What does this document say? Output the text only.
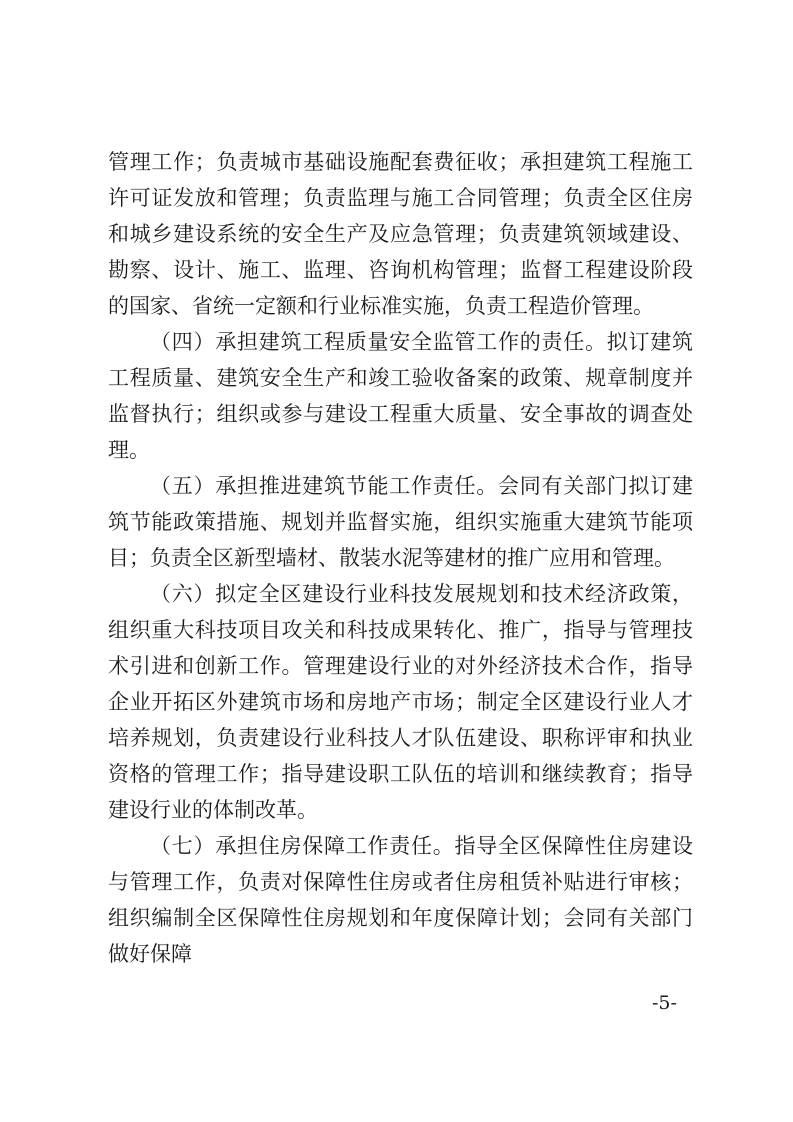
管理工作；负责城市基础设施配套费征收；承担建筑工程施工许可证发放和管理；负责监理与施工合同管理；负责全区住房和城乡建设系统的安全生产及应急管理；负责建筑领域建设、勘察、设计、施工、监理、咨询机构管理；监督工程建设阶段的国家、省统一定额和行业标准实施，负责工程造价管理。

（四）承担建筑工程质量安全监管工作的责任。拟订建筑工程质量、建筑安全生产和竣工验收备案的政策、规章制度并监督执行；组织或参与建设工程重大质量、安全事故的调查处理。

（五）承担推进建筑节能工作责任。会同有关部门拟订建筑节能政策措施、规划并监督实施，组织实施重大建筑节能项目；负责全区新型墙材、散装水泥等建材的推广应用和管理。

（六）拟定全区建设行业科技发展规划和技术经济政策，组织重大科技项目攻关和科技成果转化、推广，指导与管理技术引进和创新工作。管理建设行业的对外经济技术合作，指导企业开拓区外建筑市场和房地产市场；制定全区建设行业人才培养规划，负责建设行业科技人才队伍建设、职称评审和执业资格的管理工作；指导建设职工队伍的培训和继续教育；指导建设行业的体制改革。

（七）承担住房保障工作责任。指导全区保障性住房建设与管理工作，负责对保障性住房或者住房租赁补贴进行审核；组织编制全区保障性住房规划和年度保障计划；会同有关部门做好保障

-5-
